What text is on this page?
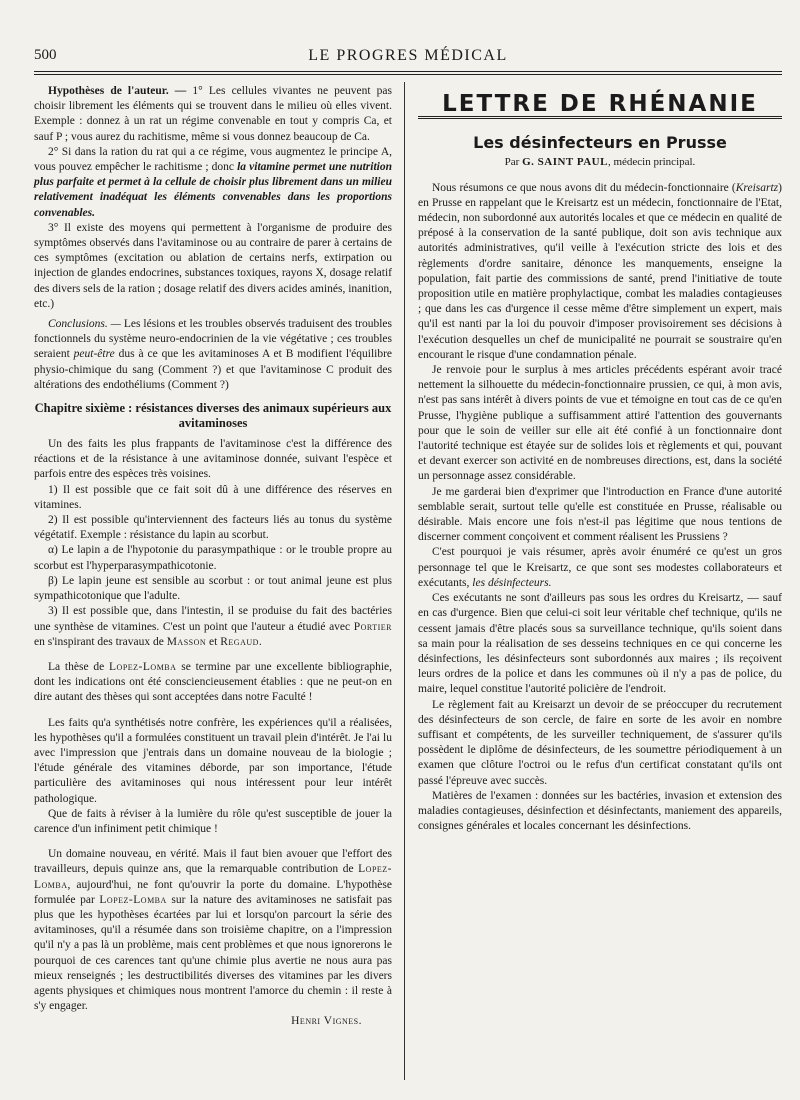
500	LE PROGRES MÉDICAL

Hypothèses de l'auteur. — 1° Les cellules vivantes ne peuvent pas choisir librement les éléments qui se trouvent dans le milieu où elles vivent. Exemple : donnez à un rat un régime convenable en tout y compris Ca, et sauf P ; vous aurez du rachitisme, même si vous donnez beaucoup de Ca.

2° Si dans la ration du rat qui a ce régime, vous augmentez le principe A, vous pouvez empêcher le rachitisme ; donc la vitamine permet une nutrition plus parfaite et permet à la cellule de choisir plus librement dans un milieu relativement inadéquat les éléments convenables dans les proportions convenables.

3° Il existe des moyens qui permettent à l'organisme de produire des symptômes observés dans l'avitaminose ou au contraire de parer à certains de ces symptômes (excitation ou ablation de certains nerfs, extirpation ou injection de glandes endocrines, substances toxiques, rayons X, dosage relatif des divers sels de la ration ; dosage relatif des divers acides aminés, inanition, etc.)

Conclusions. — Les lésions et les troubles observés traduisent des troubles fonctionnels du système neuro-endocrinien de la vie végétative ; ces troubles seraient peut-être dus à ce que les avitaminoses A et B modifient l'équilibre physio-chimique du sang (Comment ?) et que l'avitaminose C produit des altérations des endothéliums (Comment ?)

Chapitre sixième : résistances diverses des animaux supérieurs aux avitaminoses

Un des faits les plus frappants de l'avitaminose c'est la différence des réactions et de la résistance à une avitaminose donnée, suivant l'espèce et parfois entre des espèces très voisines.

1) Il est possible que ce fait soit dû à une différence des réserves en vitamines.

2) Il est possible qu'interviennent des facteurs liés au tonus du système végétatif. Exemple : résistance du lapin au scorbut.

α) Le lapin a de l'hypotonie du parasympathique : or le trouble propre au scorbut est l'hyperparasympathicotonie.

β) Le lapin jeune est sensible au scorbut : or tout animal jeune est plus sympathicotonique que l'adulte.

3) Il est possible que, dans l'intestin, il se produise du fait des bactéries une synthèse de vitamines. C'est un point que l'auteur a étudié avec Portier en s'inspirant des travaux de Masson et Regaud.

La thèse de Lopez-Lomba se termine par une excellente bibliographie, dont les indications ont été consciencieusement établies : que ne peut-on en dire autant des thèses qui sont acceptées dans notre Faculté !

Les faits qu'a synthétisés notre confrère, les expériences qu'il a réalisées, les hypothèses qu'il a formulées constituent un travail plein d'intérêt. Je l'ai lu avec l'impression que j'entrais dans un domaine nouveau de la biologie ; l'étude générale des vitamines déborde, par son importance, l'étude particulière des avitaminoses qui nous intéressent pour leur intérêt pathologique.

Que de faits à réviser à la lumière du rôle qu'est susceptible de jouer la carence d'un infiniment petit chimique !

Un domaine nouveau, en vérité. Mais il faut bien avouer que l'effort des travailleurs, depuis quinze ans, que la remarquable contribution de Lopez-Lomba, aujourd'hui, ne font qu'ouvrir la porte du domaine. L'hypothèse formulée par Lopez-Lomba sur la nature des avitaminoses ne satisfait pas plus que les hypothèses écartées par lui et lorsqu'on parcourt la série des avitaminoses, qu'il a résumée dans son troisième chapitre, on a l'impression qu'il n'y a pas là un problème, mais cent problèmes et que nous ignorerons le pourquoi de ces carences tant qu'une chimie plus avertie ne nous aura pas mieux renseignés ; les destructibilités diverses des vitamines par les divers agents physiques et chimiques nous montrent l'amorce du chemin : il reste à s'y engager.

Henri Vignes.

LETTRE DE RHÉNANIE
Les désinfecteurs en Prusse
Par G. SAINT PAUL, médecin principal.

Nous résumons ce que nous avons dit du médecin-fonctionnaire (Kreisartz) en Prusse en rappelant que le Kreisartz est un médecin, fonctionnaire de l'Etat, médecin, non subordonné aux autorités locales et que ce médecin en qualité de préposé à la conservation de la santé publique, doit son avis technique aux autorités administratives, qu'il veille à l'exécution stricte des lois et des règlements d'ordre sanitaire, dénonce les manquements, enseigne la population, fait partie des commissions de santé, prend l'initiative de toute proposition utile en matière prophylactique, combat les maladies contagieuses ; que dans les cas d'urgence il cesse même d'être simplement un expert, mais qu'il est nanti par la loi du pouvoir d'imposer provisoirement ses décisions à l'exécution desquelles un chef de municipalité ne pourrait se soustraire qu'en encourant le risque d'une condamnation pénale.

Je renvoie pour le surplus à mes articles précédents espérant avoir tracé nettement la silhouette du médecin-fonctionnaire prussien, ce qui, à mon avis, n'est pas sans intérêt à divers points de vue et témoigne en tout cas de ce qu'en Prusse, l'hygiène publique a suffisamment attiré l'attention des gouvernants pour que le soin de veiller sur elle ait été confié à un fonctionnaire dont l'autorité technique est étayée sur de solides lois et règlements et qui, pouvant et devant exercer son activité en de nombreuses directions, est, dans la société un personnage assez considérable.

Je me garderai bien d'exprimer que l'introduction en France d'une autorité semblable serait, surtout telle qu'elle est constituée en Prusse, réalisable ou désirable. Mais encore une fois n'est-il pas légitime que nous tentions de discerner comment conçoivent et comment réalisent les Prussiens ?

C'est pourquoi je vais résumer, après avoir énuméré ce qu'est un gros personnage tel que le Kreisartz, ce que sont ses modestes collaborateurs et exécutants, les désinfecteurs.

Ces exécutants ne sont d'ailleurs pas sous les ordres du Kreisartz, — sauf en cas d'urgence. Bien que celui-ci soit leur véritable chef technique, qu'ils ne cessent jamais d'être placés sous sa surveillance technique, qu'ils soient dans sa main pour la réalisation de ses desseins techniques en ce qui concerne les désinfections, les désinfecteurs sont subordonnés aux maires ; ils reçoivent leurs ordres de la police et dans les communes où il n'y a pas de police, du maire, lequel constitue l'autorité policière de l'endroit.

Le règlement fait au Kreisarzt un devoir de se préoccuper du recrutement des désinfecteurs de son cercle, de faire en sorte de les avoir en nombre suffisant et compétents, de les surveiller techniquement, de s'assurer qu'ils possèdent le diplôme de désinfecteurs, de les soumettre périodiquement à un examen que clôture l'octroi ou le refus d'un certificat constatant qu'ils ont passé l'épreuve avec succès.

Matières de l'examen : données sur les bactéries, invasion et extension des maladies contagieuses, désinfection et désinfectants, maniement des appareils, consignes générales et locales concernant les désinfections.
